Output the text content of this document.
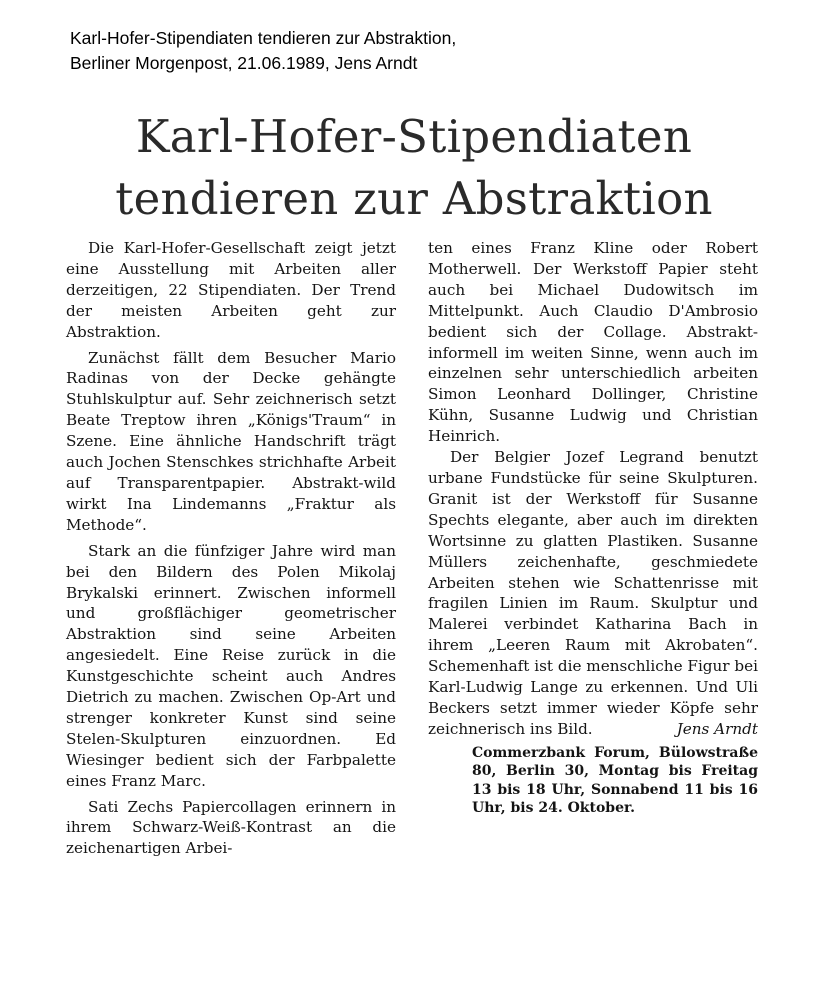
Karl-Hofer-Stipendiaten tendieren zur Abstraktion,
Berliner Morgenpost, 21.06.1989, Jens Arndt
Karl-Hofer-Stipendiaten
tendieren zur Abstraktion

Die Karl-Hofer-Gesellschaft zeigt jetzt eine Ausstellung mit Arbeiten aller derzeitigen, 22 Stipendiaten. Der Trend der meisten Arbeiten geht zur Abstraktion.

Zunächst fällt dem Besucher Mario Radinas von der Decke gehängte Stuhlskulptur auf. Sehr zeichnerisch setzt Beate Treptow ihren „Königs'Traum“ in Szene. Eine ähnliche Handschrift trägt auch Jochen Stenschkes strichhafte Arbeit auf Transparentpapier. Abstrakt-wild wirkt Ina Lindemanns „Fraktur als Methode“.

Stark an die fünfziger Jahre wird man bei den Bildern des Polen Mikolaj Brykalski erinnert. Zwischen informell und großflächiger geometrischer Abstraktion sind seine Arbeiten angesiedelt. Eine Reise zurück in die Kunstgeschichte scheint auch Andres Dietrich zu machen. Zwischen Op-Art und strenger konkreter Kunst sind seine Stelen-Skulpturen einzuordnen. Ed Wiesinger bedient sich der Farbpalette eines Franz Marc.

Sati Zechs Papiercollagen erinnern in ihrem Schwarz-Weiß-Kontrast an die zeichenartigen Arbei-

ten eines Franz Kline oder Robert Motherwell. Der Werkstoff Papier steht auch bei Michael Dudowitsch im Mittelpunkt. Auch Claudio D'Ambrosio bedient sich der Collage. Abstrakt-informell im weiten Sinne, wenn auch im einzelnen sehr unterschiedlich arbeiten Simon Leonhard Dollinger, Christine Kühn, Susanne Ludwig und Christian Heinrich.

Der Belgier Jozef Legrand benutzt urbane Fundstücke für seine Skulpturen. Granit ist der Werkstoff für Susanne Spechts elegante, aber auch im direkten Wortsinne zu glatten Plastiken. Susanne Müllers zeichenhafte, geschmiedete Arbeiten stehen wie Schattenrisse mit fragilen Linien im Raum. Skulptur und Malerei verbindet Katharina Bach in ihrem „Leeren Raum mit Akrobaten“. Schemenhaft ist die menschliche Figur bei Karl-Ludwig Lange zu erkennen. Und Uli Beckers setzt immer wieder Köpfe sehr zeichnerisch ins Bild.	Jens Arndt

Commerzbank Forum, Bülowstraße 80, Berlin 30, Montag bis Freitag 13 bis 18 Uhr, Sonnabend 11 bis 16 Uhr, bis 24. Oktober.
